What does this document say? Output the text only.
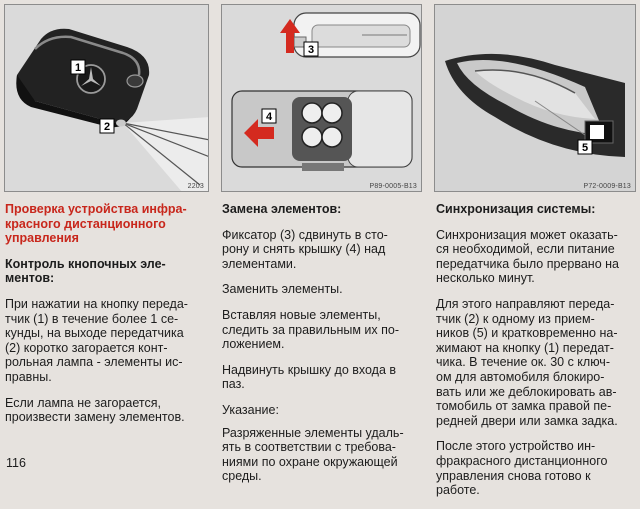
1
2
2203
3
4
P89-0005-B13
5
P72-0009-B13

Проверка устройства инфра-
красного дистанционного
управления

Контроль кнопочных эле-
ментов:

При нажатии на кнопку переда-
тчик (1) в течение более 1 се-
кунды, на выходе передатчика
(2) коротко загорается конт-
рольная лампа - элементы ис-
правны.

Если лампа не загорается,
произвести замену элементов.

Замена элементов:

Фиксатор (3) сдвинуть в сто-
рону и снять крышку (4) над
элементами.

Заменить элементы.

Вставляя новые элементы,
следить за правильным их по-
ложением.

Надвинуть крышку до входа в
паз.

Указание:

Разряженные элементы удаль-
ять в соответствии с требова-
ниями по охране окружающей
среды.

Синхронизация системы:

Синхронизация может оказать-
ся необходимой, если питание
передатчика было прервано на
несколько минут.

Для этого направляют переда-
тчик (2) к одному из прием-
ников (5) и кратковременно на-
жимают на кнопку (1) передат-
чика. В течение ок. 30 с ключ-
ом для автомобиля блокиро-
вать или же деблокировать ав-
томобиль от замка правой пе-
редней двери или замка задка.

После этого устройство ин-
фракрасного дистанционного
управления снова готово к
работе.

116
